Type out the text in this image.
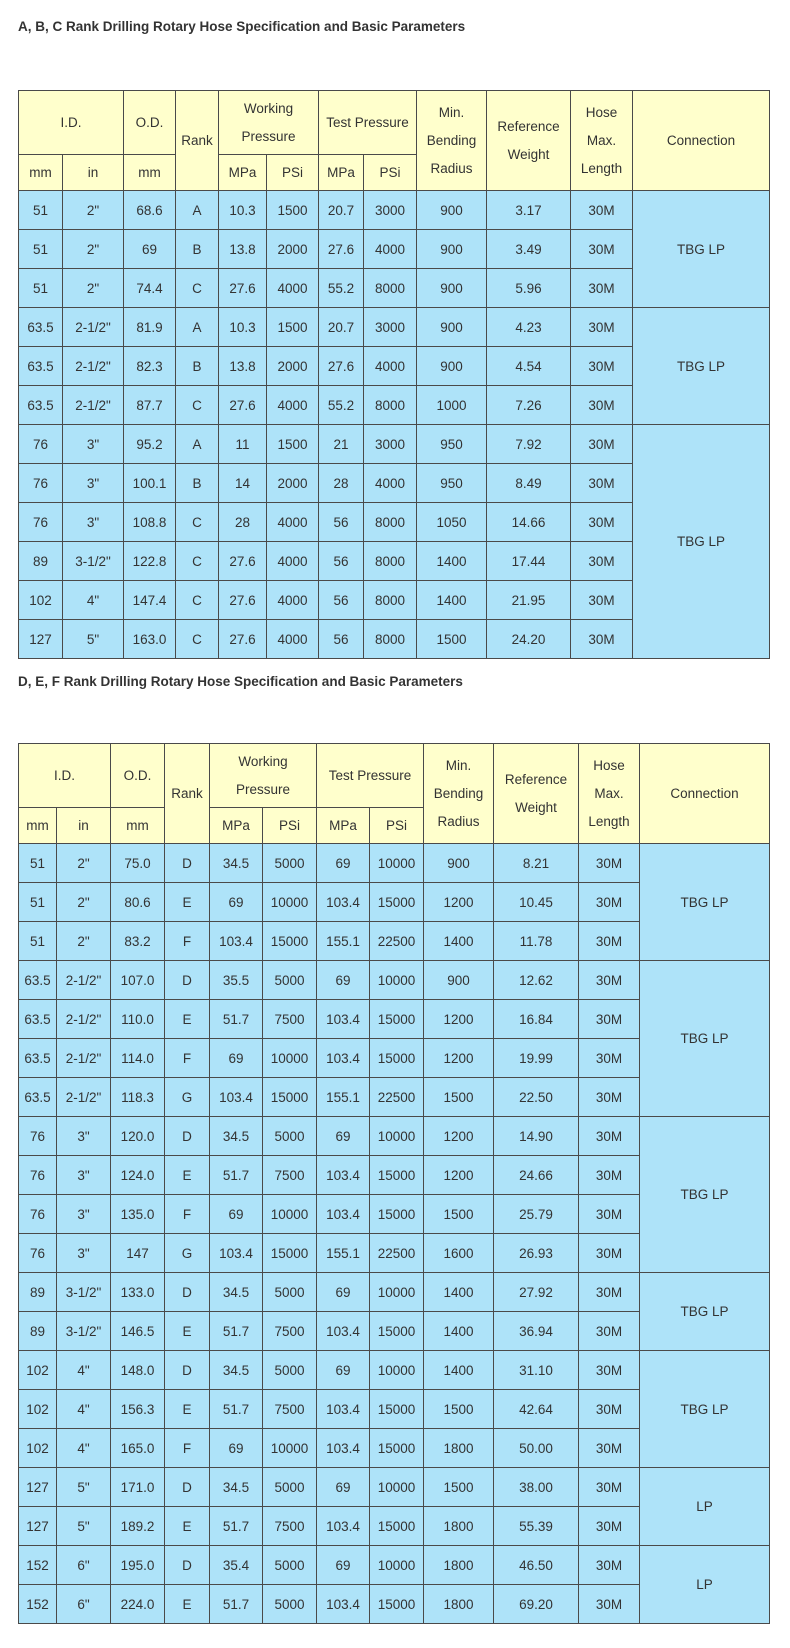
A, B, C Rank Drilling Rotary Hose Specification and Basic Parameters
I.D.		O.D.	Rank	Working Pressure		Test Pressure		Min. Bending Radius	Reference Weight	Hose Max. Length	Connection
mm	in	mm		MPa	PSi	MPa	PSi				
51	2"	68.6	A	10.3	1500	20.7	3000	900	3.17	30M	TBG LP
51	2"	69	B	13.8	2000	27.6	4000	900	3.49	30M	
51	2"	74.4	C	27.6	4000	55.2	8000	900	5.96	30M	
63.5	2-1/2"	81.9	A	10.3	1500	20.7	3000	900	4.23	30M	TBG LP
63.5	2-1/2"	82.3	B	13.8	2000	27.6	4000	900	4.54	30M	
63.5	2-1/2"	87.7	C	27.6	4000	55.2	8000	1000	7.26	30M	
76	3"	95.2	A	11	1500	21	3000	950	7.92	30M	TBG LP
76	3"	100.1	B	14	2000	28	4000	950	8.49	30M	
76	3"	108.8	C	28	4000	56	8000	1050	14.66	30M	
89	3-1/2"	122.8	C	27.6	4000	56	8000	1400	17.44	30M	
102	4"	147.4	C	27.6	4000	56	8000	1400	21.95	30M	
127	5"	163.0	C	27.6	4000	56	8000	1500	24.20	30M	
D, E, F Rank Drilling Rotary Hose Specification and Basic Parameters
I.D.		O.D.	Rank	Working Pressure		Test Pressure		Min. Bending Radius	Reference Weight	Hose Max. Length	Connection
mm	in	mm		MPa	PSi	MPa	PSi				
51	2"	75.0	D	34.5	5000	69	10000	900	8.21	30M	TBG LP
51	2"	80.6	E	69	10000	103.4	15000	1200	10.45	30M	
51	2"	83.2	F	103.4	15000	155.1	22500	1400	11.78	30M	
63.5	2-1/2"	107.0	D	35.5	5000	69	10000	900	12.62	30M	TBG LP
63.5	2-1/2"	110.0	E	51.7	7500	103.4	15000	1200	16.84	30M	
63.5	2-1/2"	114.0	F	69	10000	103.4	15000	1200	19.99	30M	
63.5	2-1/2"	118.3	G	103.4	15000	155.1	22500	1500	22.50	30M	
76	3"	120.0	D	34.5	5000	69	10000	1200	14.90	30M	TBG LP
76	3"	124.0	E	51.7	7500	103.4	15000	1200	24.66	30M	
76	3"	135.0	F	69	10000	103.4	15000	1500	25.79	30M	
76	3"	147	G	103.4	15000	155.1	22500	1600	26.93	30M	
89	3-1/2"	133.0	D	34.5	5000	69	10000	1400	27.92	30M	TBG LP
89	3-1/2"	146.5	E	51.7	7500	103.4	15000	1400	36.94	30M	
102	4"	148.0	D	34.5	5000	69	10000	1400	31.10	30M	TBG LP
102	4"	156.3	E	51.7	7500	103.4	15000	1500	42.64	30M	
102	4"	165.0	F	69	10000	103.4	15000	1800	50.00	30M	
127	5"	171.0	D	34.5	5000	69	10000	1500	38.00	30M	LP
127	5"	189.2	E	51.7	7500	103.4	15000	1800	55.39	30M	
152	6"	195.0	D	35.4	5000	69	10000	1800	46.50	30M	LP
152	6"	224.0	E	51.7	5000	103.4	15000	1800	69.20	30M	
